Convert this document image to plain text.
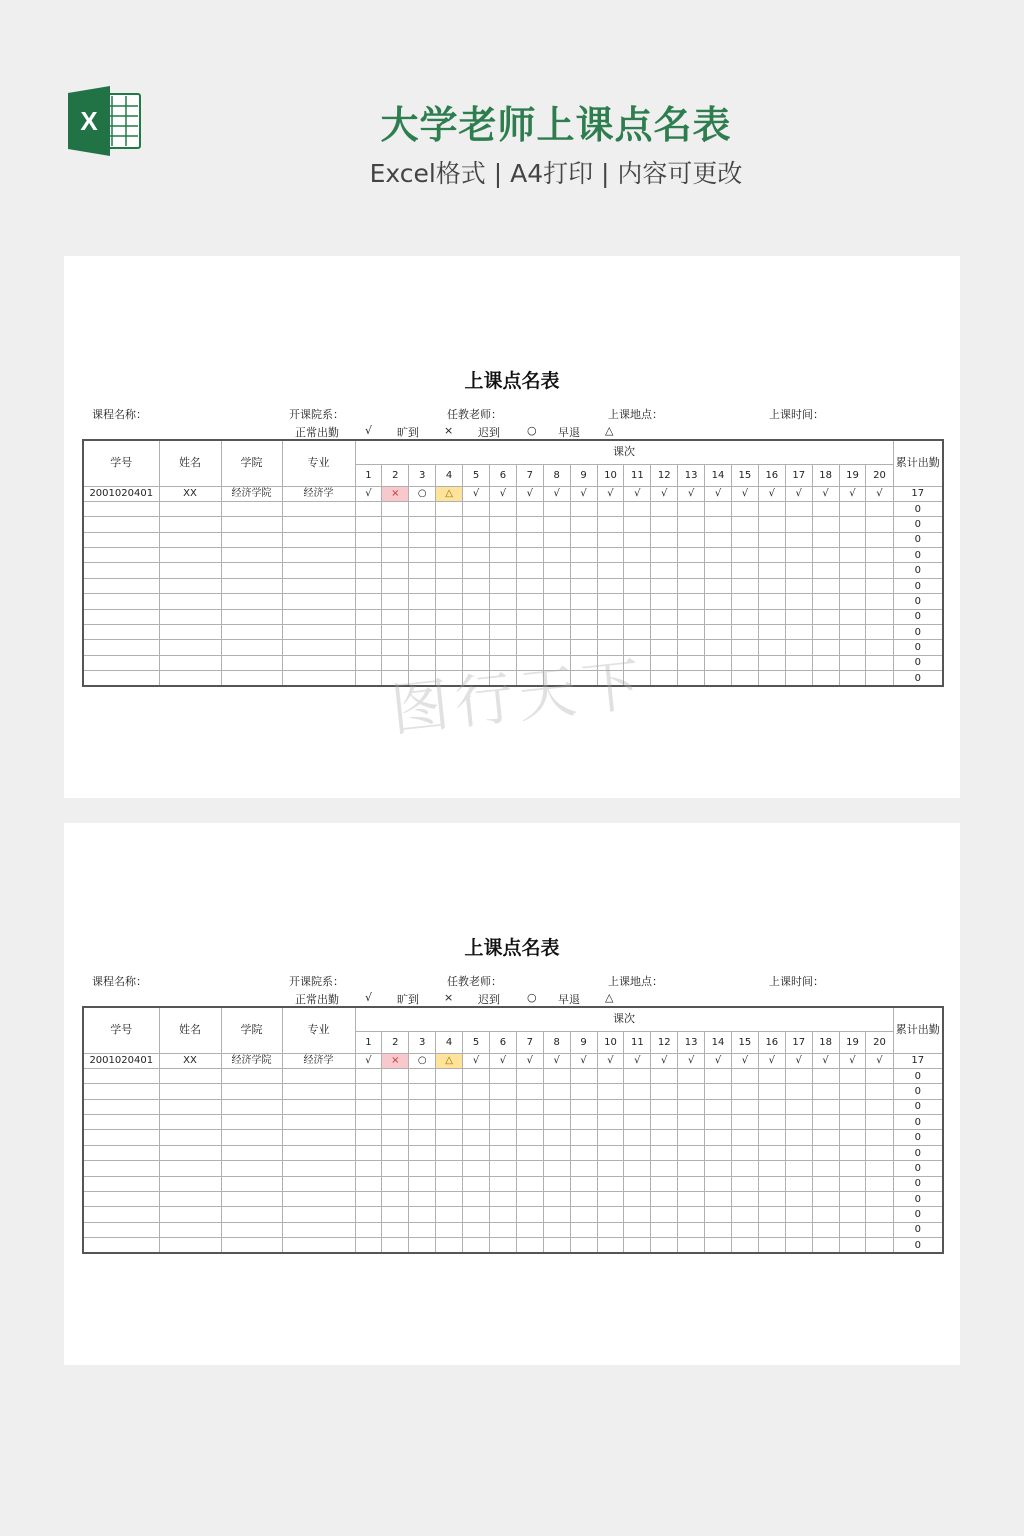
X	大学老师上课点名表
Excel格式 | A4打印 | 内容可更改
上课点名表
课程名称：	开课院系：	任教老师：	上课地点：	上课时间：
正常出勤 √ 旷到 × 迟到 ○ 早退 △
学号	姓名	学院	专业	课次																				累计出勤
				1	2	3	4	5	6	7	8	9	10	11	12	13	14	15	16	17	18	19	20	
2001020401	XX	经济学院	经济学	√	×	○	△	√	√	√	√	√	√	√	√	√	√	√	√	√	√	√	√	17
																								0
																								0
																								0
																								0
																								0
																								0
																								0
																								0
																								0
																								0
																								0
																								0
上课点名表
课程名称：	开课院系：	任教老师：	上课地点：	上课时间：
正常出勤 √ 旷到 × 迟到 ○ 早退 △
学号	姓名	学院	专业	课次																				累计出勤
				1	2	3	4	5	6	7	8	9	10	11	12	13	14	15	16	17	18	19	20	
2001020401	XX	经济学院	经济学	√	×	○	△	√	√	√	√	√	√	√	√	√	√	√	√	√	√	√	√	17
																								0
																								0
																								0
																								0
																								0
																								0
																								0
																								0
																								0
																								0
																								0
																								0
图行天下
